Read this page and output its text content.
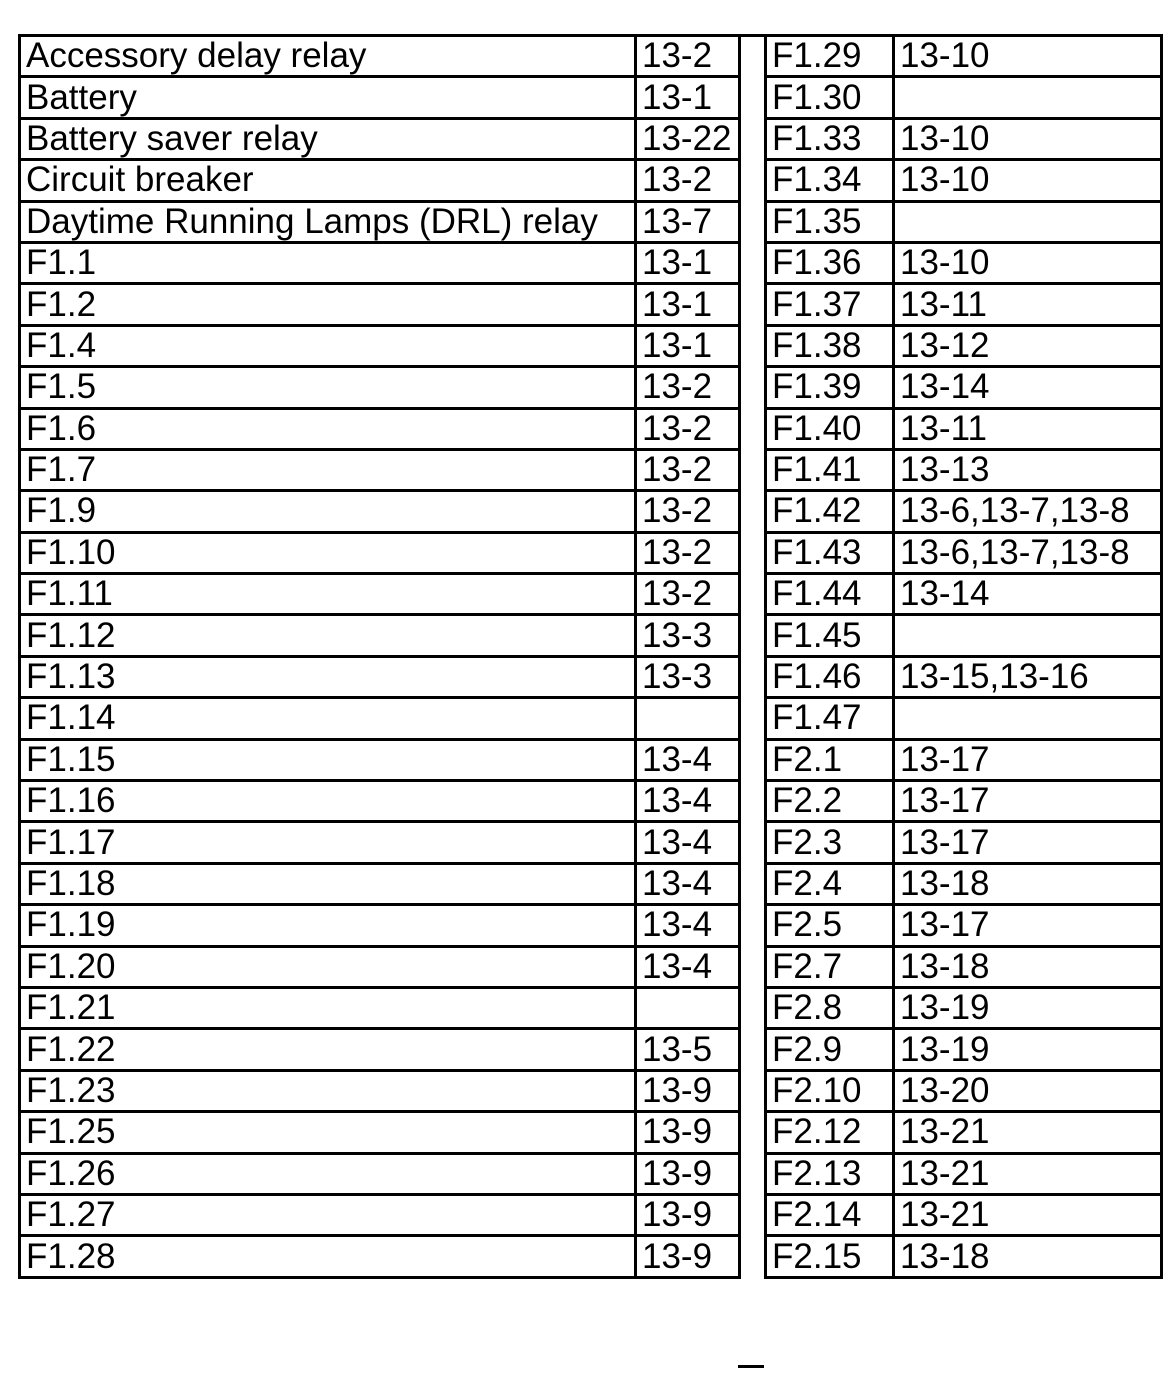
Accessory delay relay	13-2
Battery	13-1
Battery saver relay	13-22
Circuit breaker	13-2
Daytime Running Lamps (DRL) relay	13-7
F1.1	13-1
F1.2	13-1
F1.4	13-1
F1.5	13-2
F1.6	13-2
F1.7	13-2
F1.9	13-2
F1.10	13-2
F1.11	13-2
F1.12	13-3
F1.13	13-3
F1.14	
F1.15	13-4
F1.16	13-4
F1.17	13-4
F1.18	13-4
F1.19	13-4
F1.20	13-4
F1.21	
F1.22	13-5
F1.23	13-9
F1.25	13-9
F1.26	13-9
F1.27	13-9
F1.28	13-9
F1.29	13-10
F1.30	
F1.33	13-10
F1.34	13-10
F1.35	
F1.36	13-10
F1.37	13-11
F1.38	13-12
F1.39	13-14
F1.40	13-11
F1.41	13-13
F1.42	13-6,13-7,13-8
F1.43	13-6,13-7,13-8
F1.44	13-14
F1.45	
F1.46	13-15,13-16
F1.47	
F2.1	13-17
F2.2	13-17
F2.3	13-17
F2.4	13-18
F2.5	13-17
F2.7	13-18
F2.8	13-19
F2.9	13-19
F2.10	13-20
F2.12	13-21
F2.13	13-21
F2.14	13-21
F2.15	13-18
